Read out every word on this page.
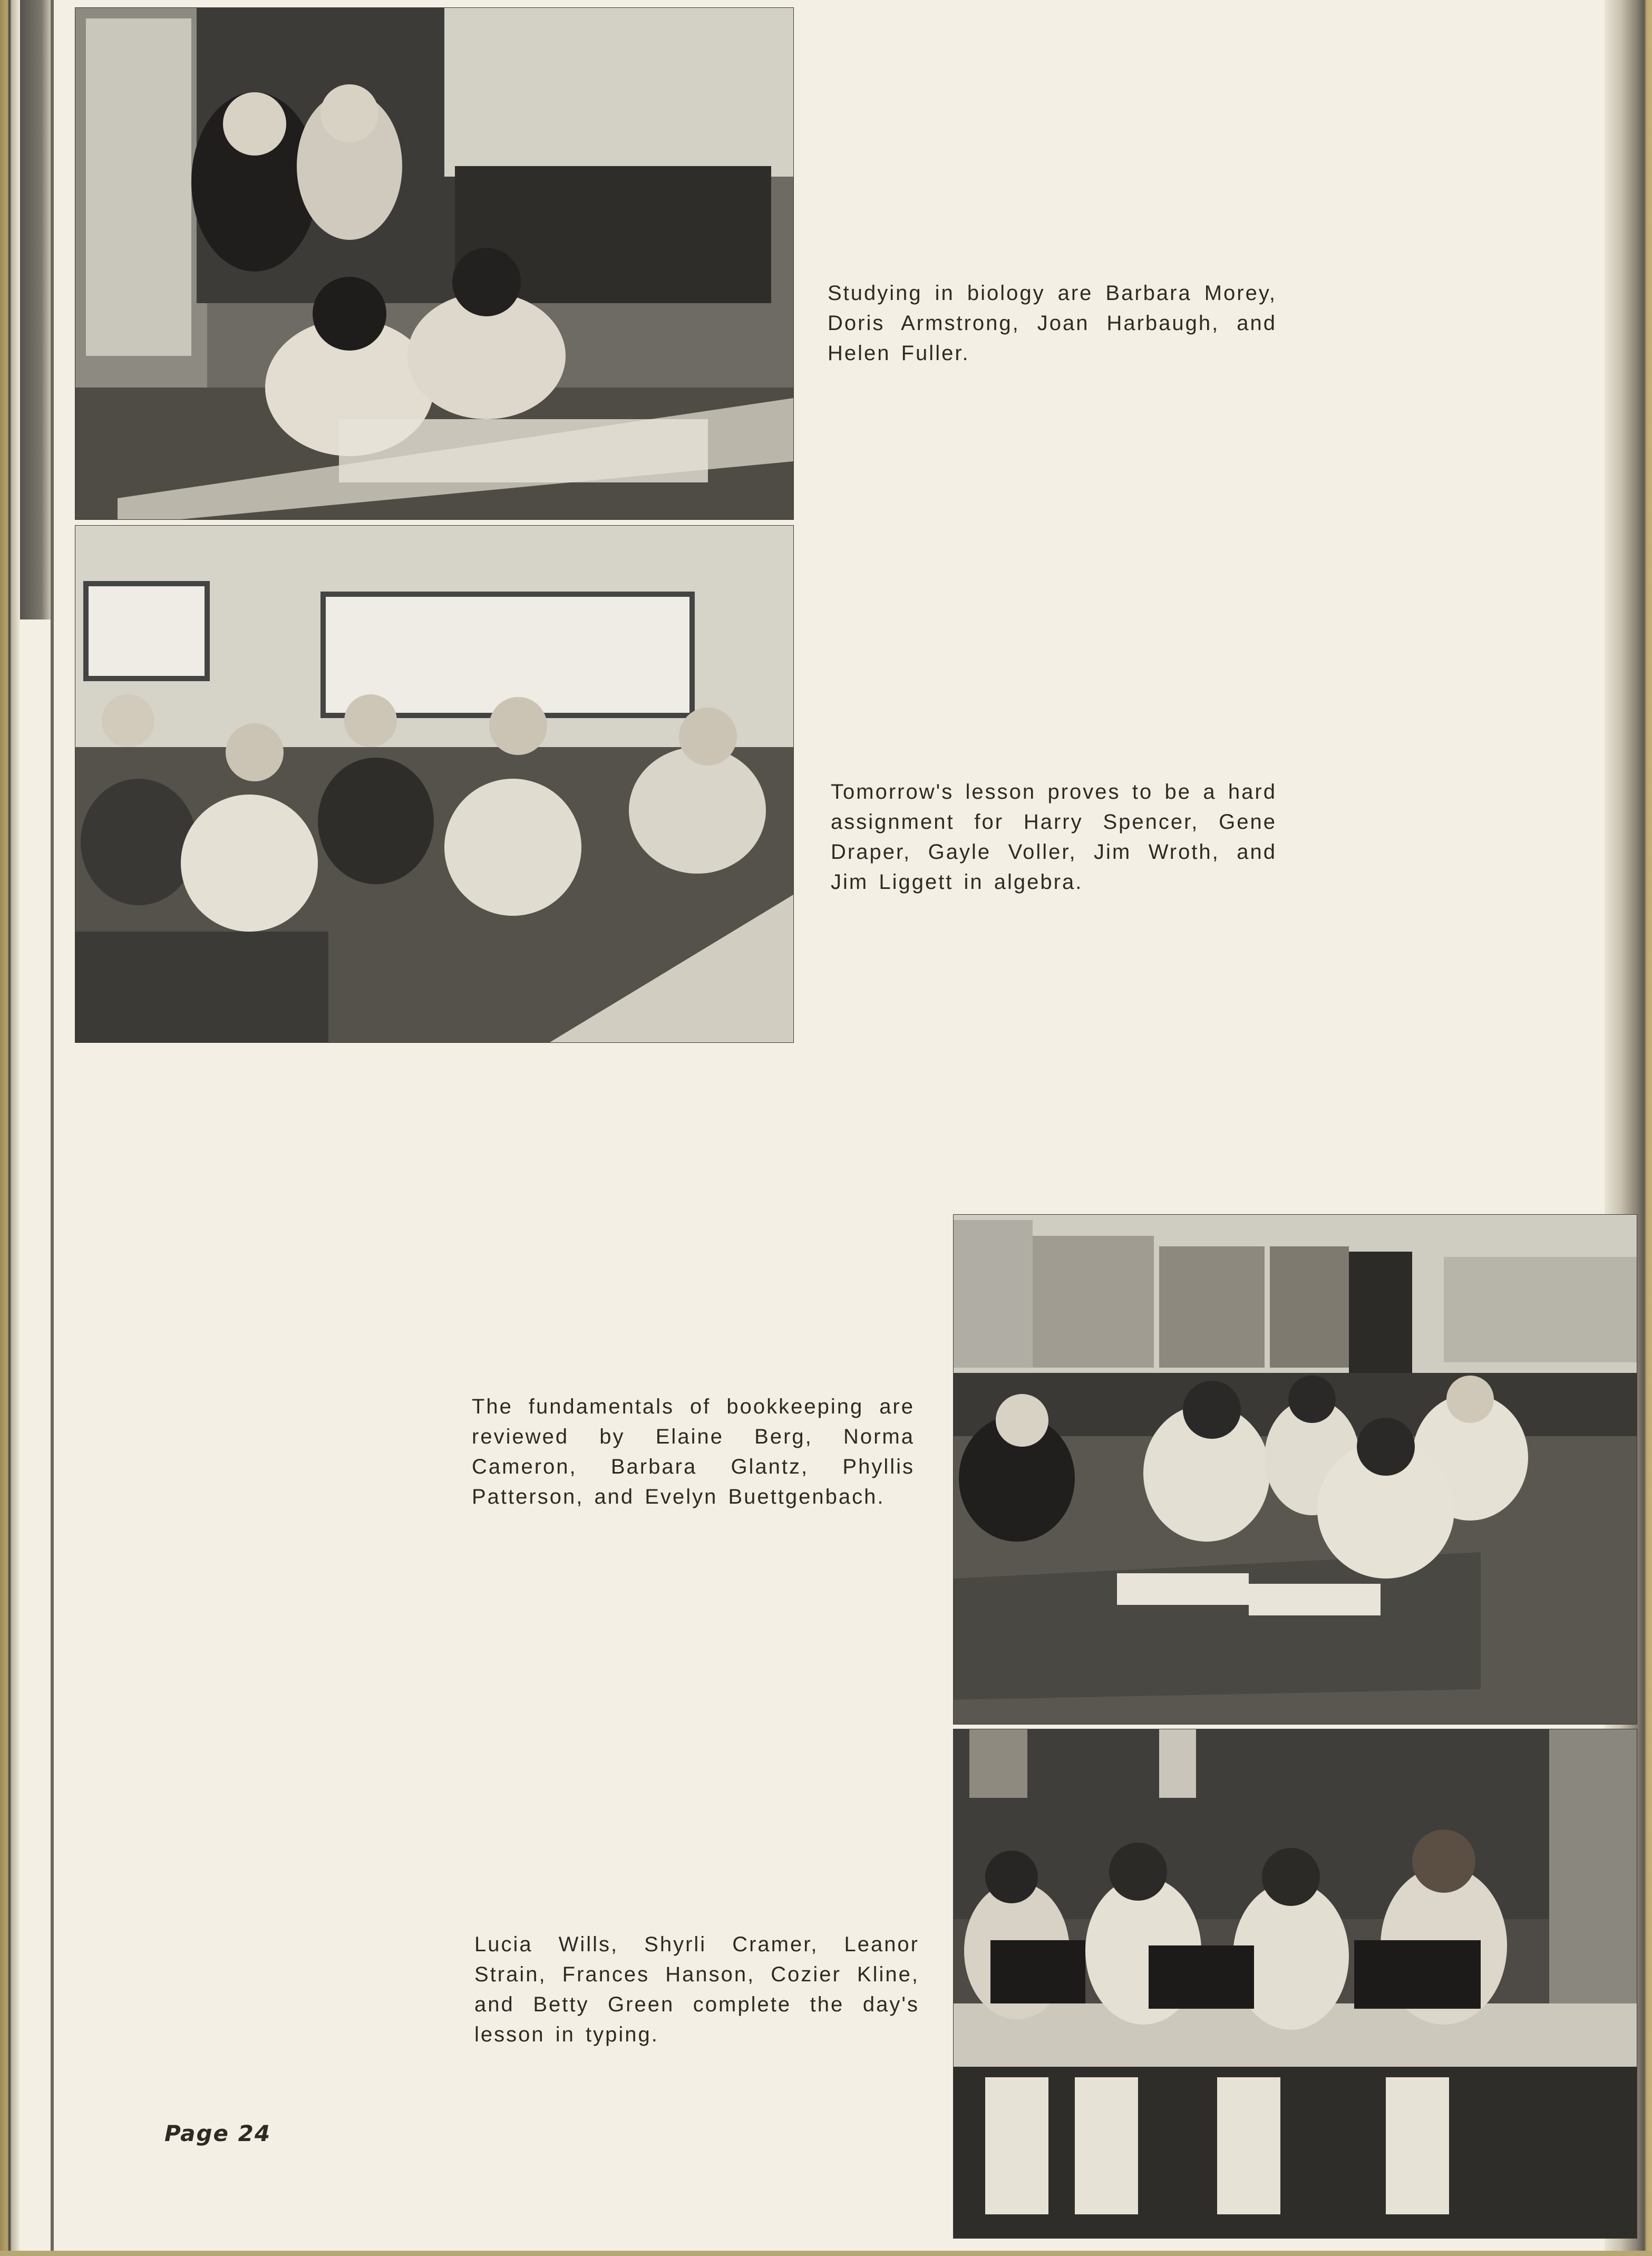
Studying in biology are Barbara Morey, Doris Armstrong, Joan Harbaugh, and Helen Fuller.
Tomorrow's lesson proves to be a hard assignment for Harry Spencer, Gene Draper, Gayle Voller, Jim Wroth, and Jim Liggett in algebra.
The fundamentals of bookkeeping are reviewed by Elaine Berg, Norma Cameron, Barbara Glantz, Phyllis Patterson, and Evelyn Buettgenbach.
Lucia Wills, Shyrli Cramer, Leanor Strain, Frances Hanson, Cozier Kline, and Betty Green complete the day's lesson in typing.
Page 24
